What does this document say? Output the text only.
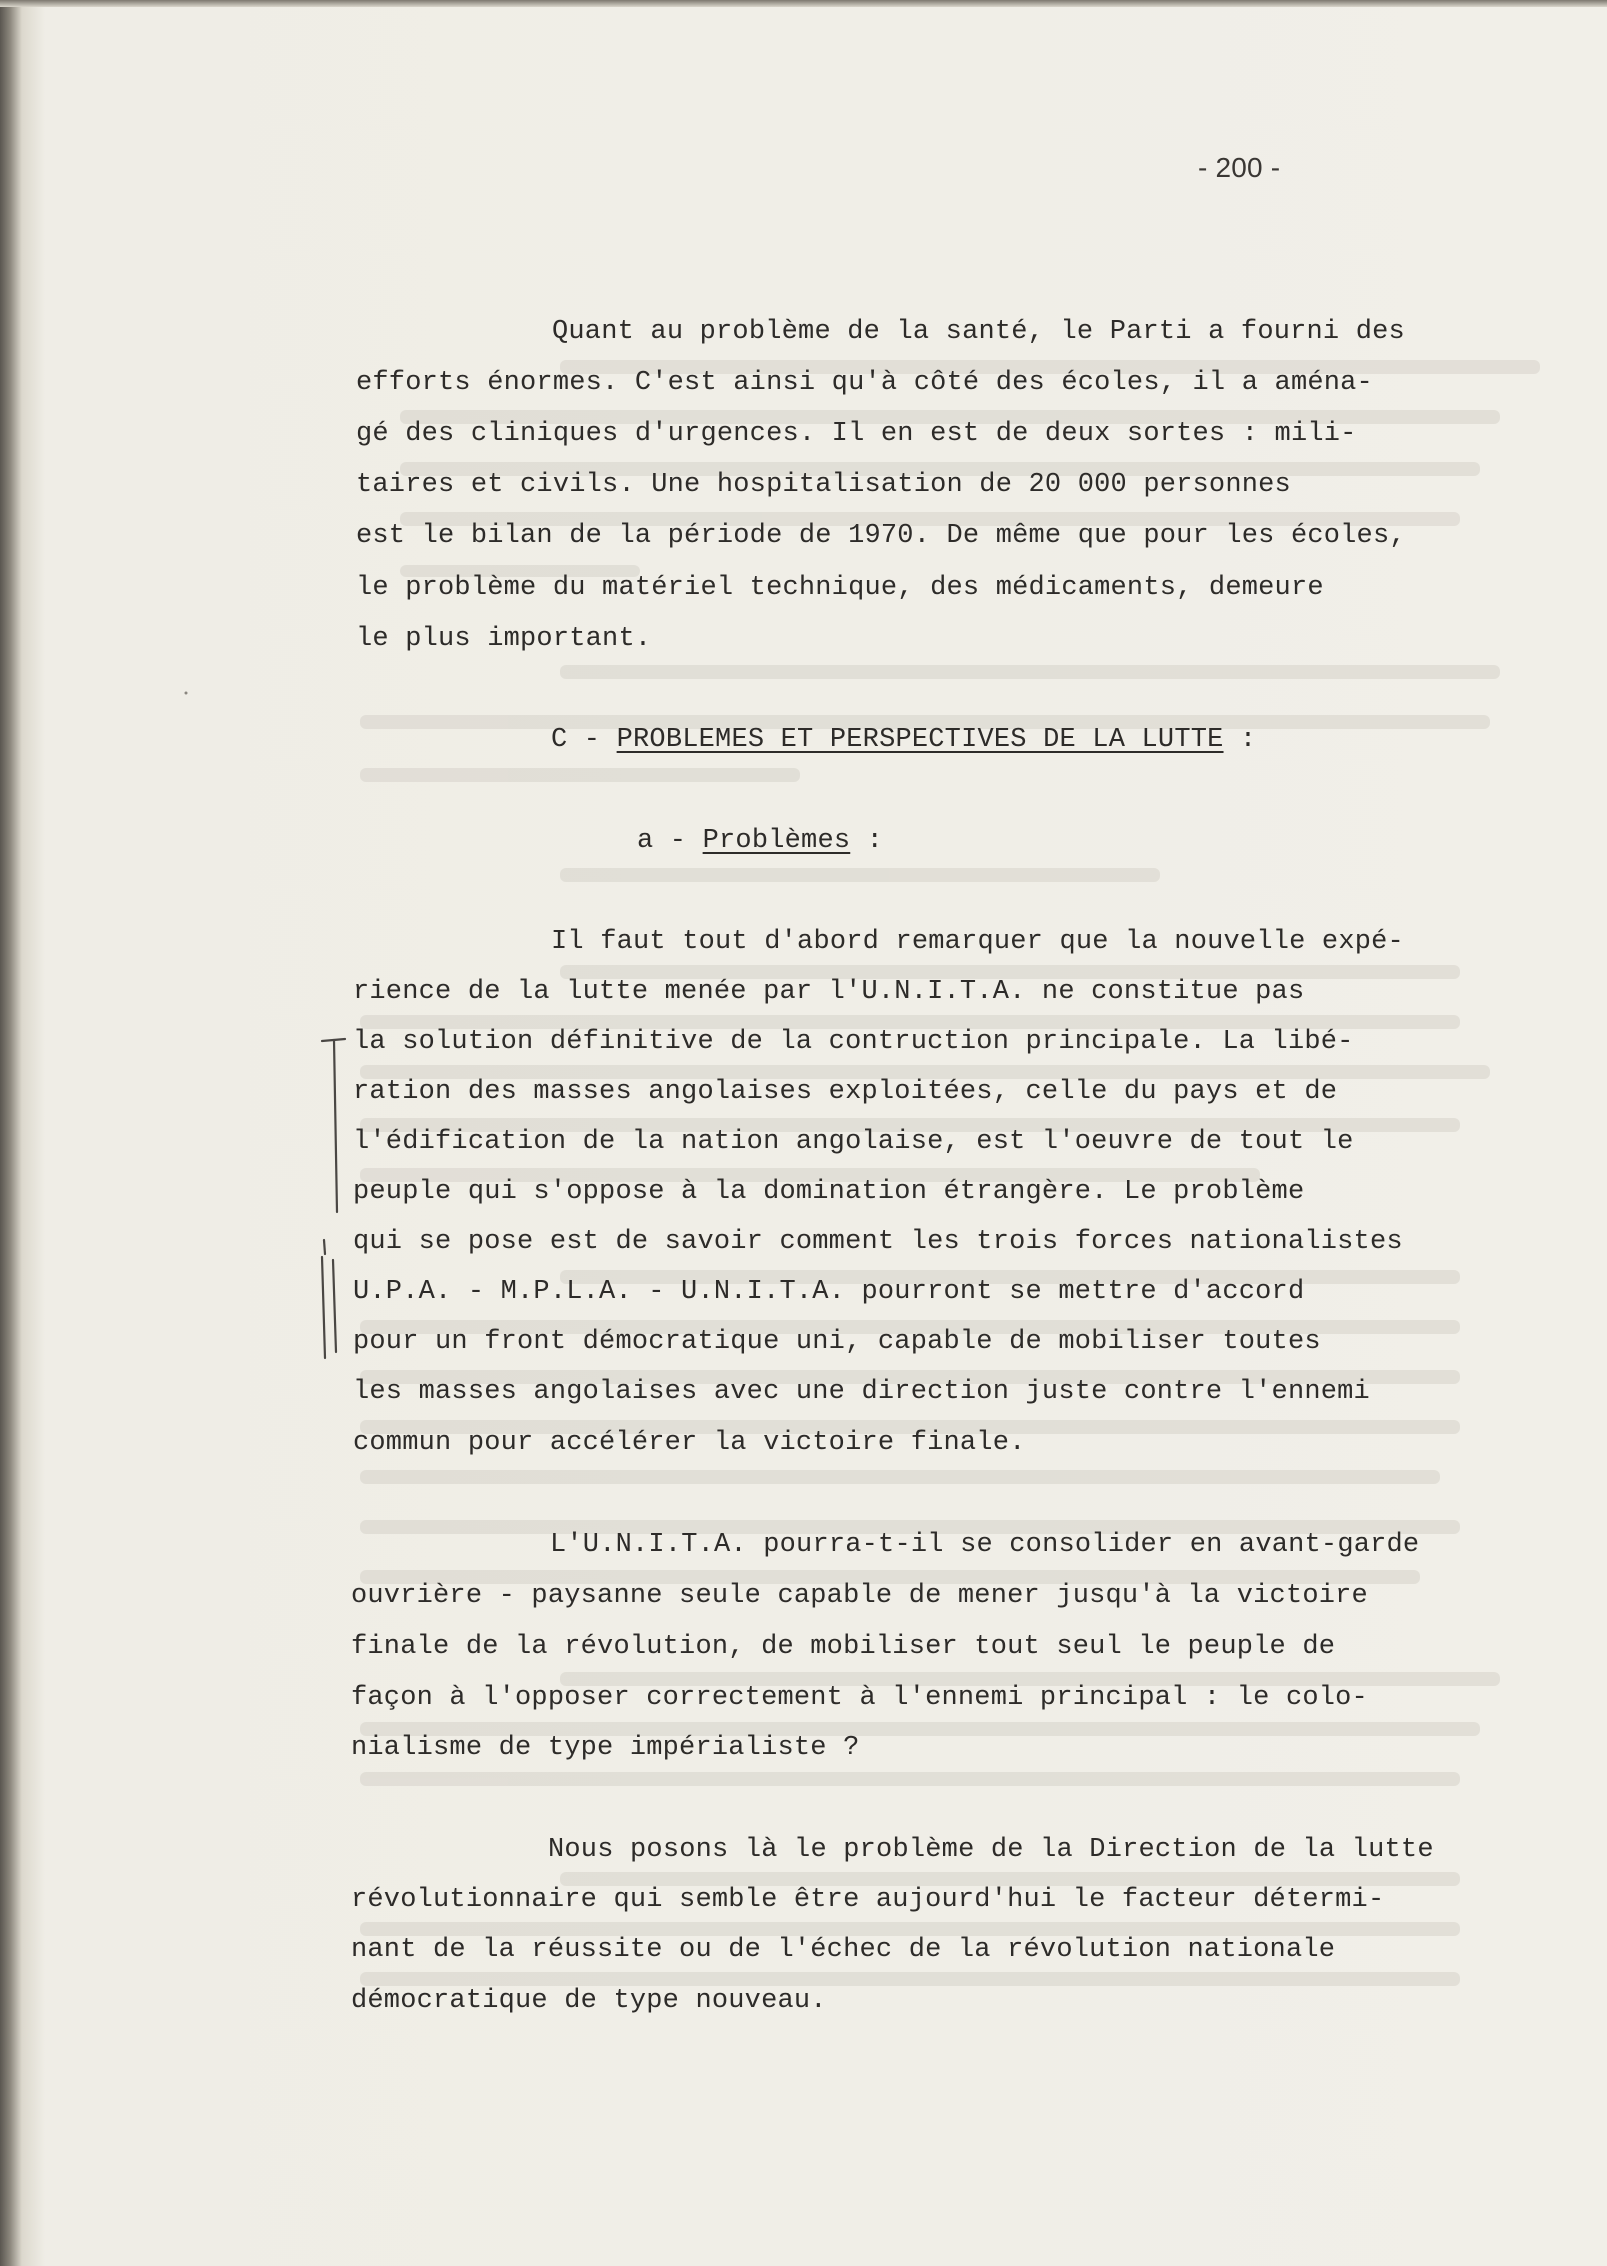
- 200 -

Quant au problème de la santé, le Parti a fourni des

efforts énormes. C'est ainsi qu'à côté des écoles, il a aména-

gé des cliniques d'urgences. Il en est de deux sortes : mili-

taires et civils. Une hospitalisation de 20 000 personnes

est le bilan de la période de 1970. De même que pour les écoles,

le problème du matériel technique, des médicaments, demeure

le plus important.

C - PROBLEMES ET PERSPECTIVES DE LA LUTTE :

a - Problèmes :

Il faut tout d'abord remarquer que la nouvelle expé-

rience de la lutte menée par l'U.N.I.T.A. ne constitue pas

la solution définitive de la contruction principale. La libé-

ration des masses angolaises exploitées, celle du pays et de

l'édification de la nation angolaise, est l'oeuvre de tout le

peuple qui s'oppose à la domination étrangère. Le problème

qui se pose est de savoir comment les trois forces nationalistes

U.P.A. - M.P.L.A. - U.N.I.T.A. pourront se mettre d'accord

pour un front démocratique uni, capable de mobiliser toutes

les masses angolaises avec une direction juste contre l'ennemi

commun pour accélérer la victoire finale.

L'U.N.I.T.A. pourra-t-il se consolider en avant-garde

ouvrière - paysanne seule capable de mener jusqu'à la victoire

finale de la révolution, de mobiliser tout seul le peuple de

façon à l'opposer correctement à l'ennemi principal : le colo-

nialisme de type impérialiste ?

Nous posons là le problème de la Direction de la lutte

révolutionnaire qui semble être aujourd'hui le facteur détermi-

nant de la réussite ou de l'échec de la révolution nationale

démocratique de type nouveau.
